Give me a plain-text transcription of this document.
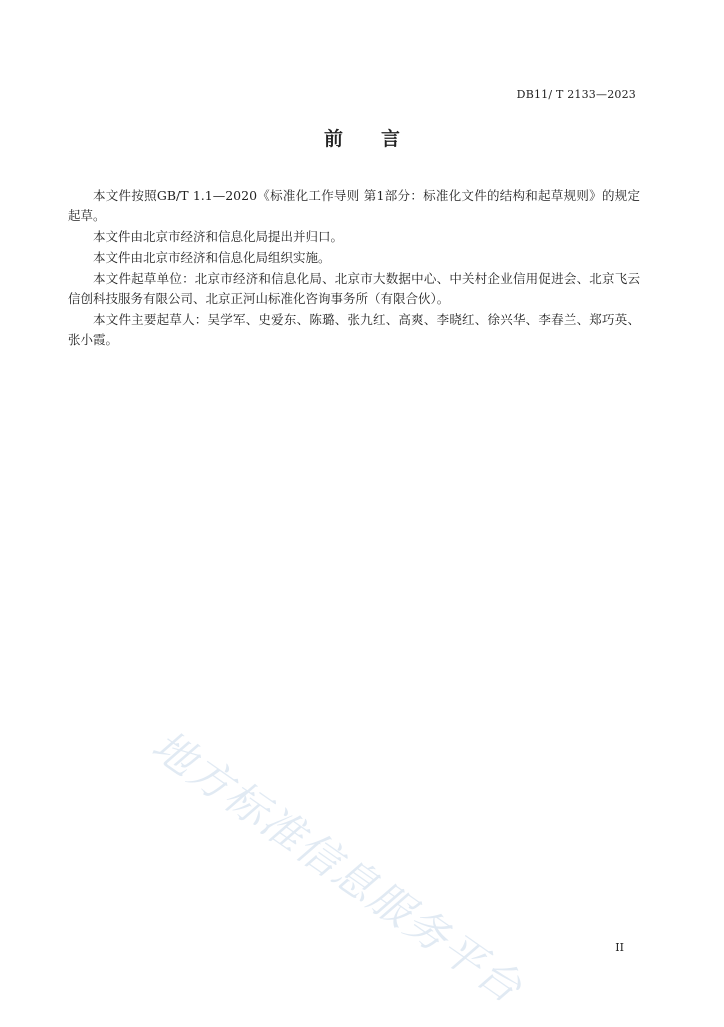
DB11/ T 2133—2023
前言

本文件按照GB/T 1.1—2020《标准化工作导则 第1部分：标准化文件的结构和起草规则》的规定起草。

本文件由北京市经济和信息化局提出并归口。

本文件由北京市经济和信息化局组织实施。

本文件起草单位：北京市经济和信息化局、北京市大数据中心、中关村企业信用促进会、北京飞云信创科技服务有限公司、北京正河山标准化咨询事务所（有限合伙）。

本文件主要起草人：吴学军、史爱东、陈璐、张九红、高爽、李晓红、徐兴华、李春兰、郑巧英、张小霞。

地方标准信息服务平台	II
